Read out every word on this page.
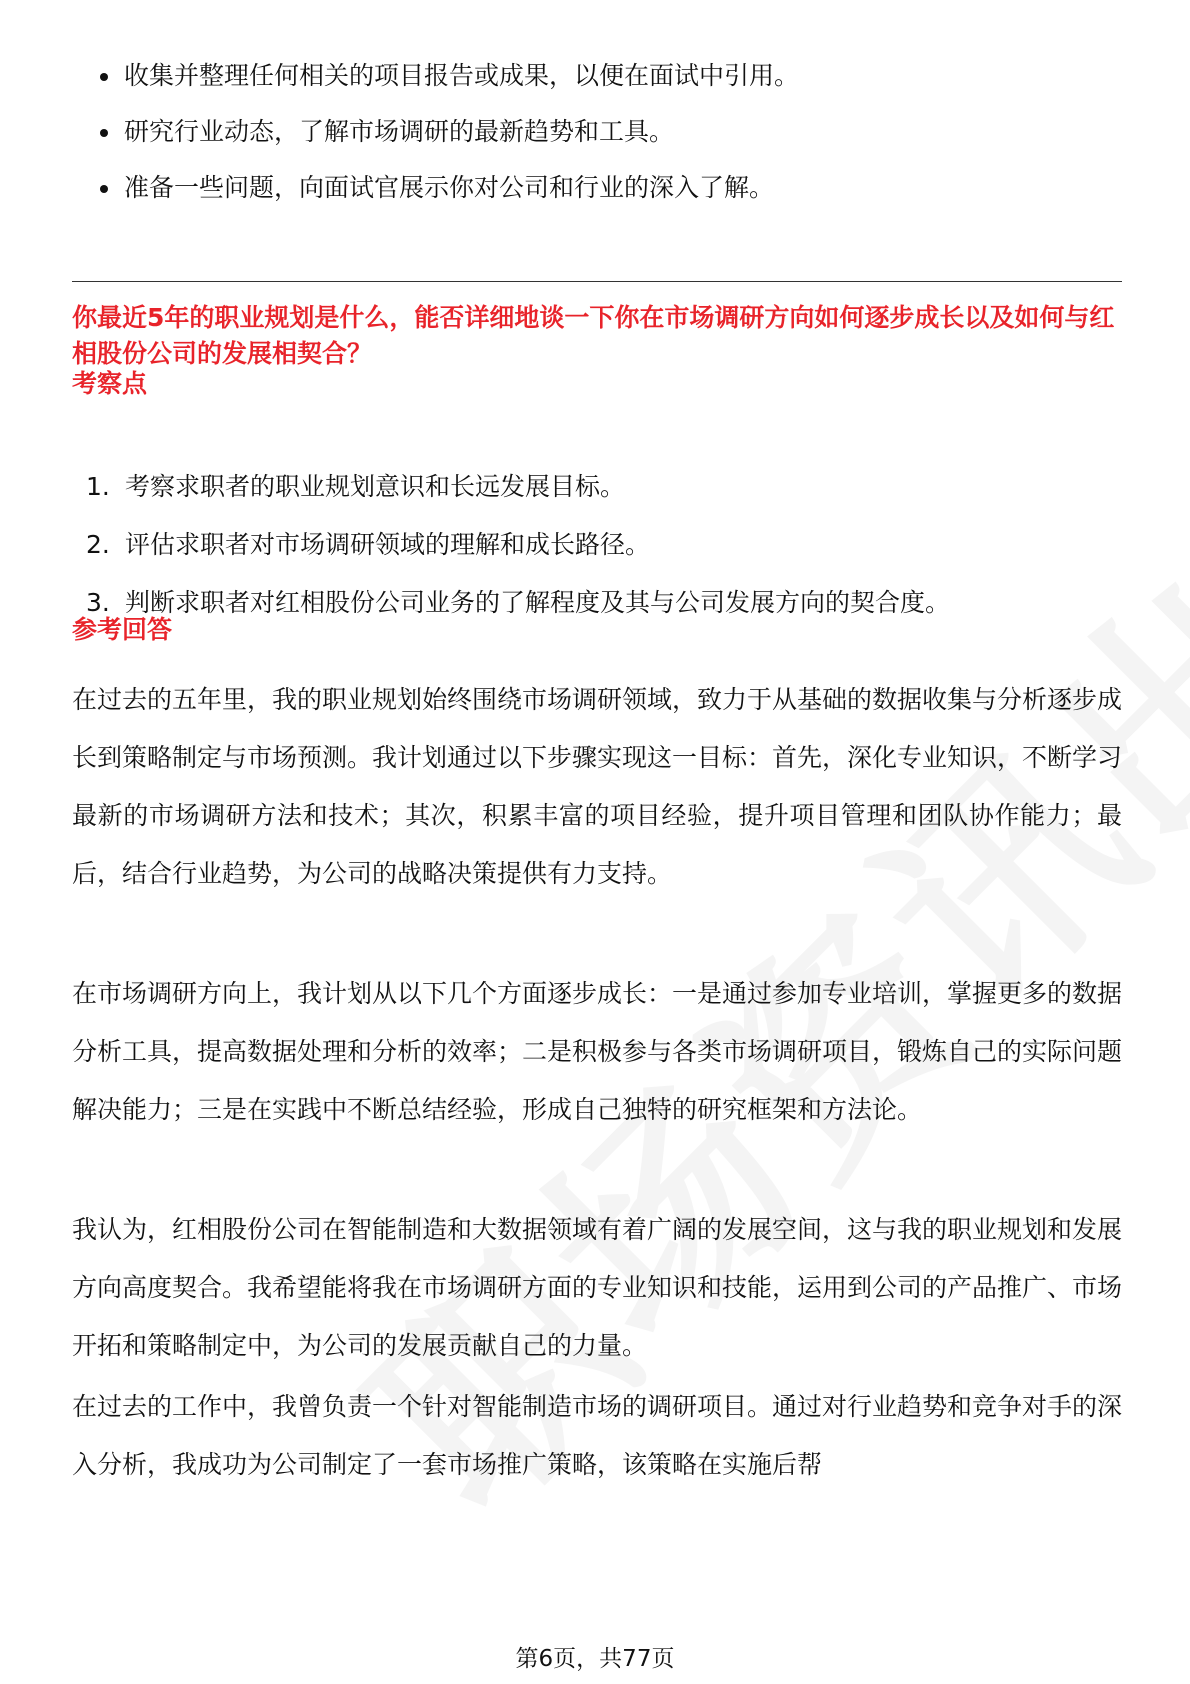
收集并整理任何相关的项目报告或成果，以便在面试中引用。
研究行业动态，了解市场调研的最新趋势和工具。
准备一些问题，向面试官展示你对公司和行业的深入了解。
你最近5年的职业规划是什么，能否详细地谈一下你在市场调研方向如何逐步成长以及如何与红相股份公司的发展相契合？
考察点
1. 考察求职者的职业规划意识和长远发展目标。
2. 评估求职者对市场调研领域的理解和成长路径。
3. 判断求职者对红相股份公司业务的了解程度及其与公司发展方向的契合度。
参考回答

在过去的五年里，我的职业规划始终围绕市场调研领域，致力于从基础的数据收集与分析逐步成长到策略制定与市场预测。我计划通过以下步骤实现这一目标：首先，深化专业知识，不断学习最新的市场调研方法和技术；其次，积累丰富的项目经验，提升项目管理和团队协作能力；最后，结合行业趋势，为公司的战略决策提供有力支持。

在市场调研方向上，我计划从以下几个方面逐步成长：一是通过参加专业培训，掌握更多的数据分析工具，提高数据处理和分析的效率；二是积极参与各类市场调研项目，锻炼自己的实际问题解决能力；三是在实践中不断总结经验，形成自己独特的研究框架和方法论。

我认为，红相股份公司在智能制造和大数据领域有着广阔的发展空间，这与我的职业规划和发展方向高度契合。我希望能将我在市场调研方面的专业知识和技能，运用到公司的产品推广、市场开拓和策略制定中，为公司的发展贡献自己的力量。

在过去的工作中，我曾负责一个针对智能制造市场的调研项目。通过对行业趋势和竞争对手的深入分析，我成功为公司制定了一套市场推广策略，该策略在实施后帮

第6页，共77页
